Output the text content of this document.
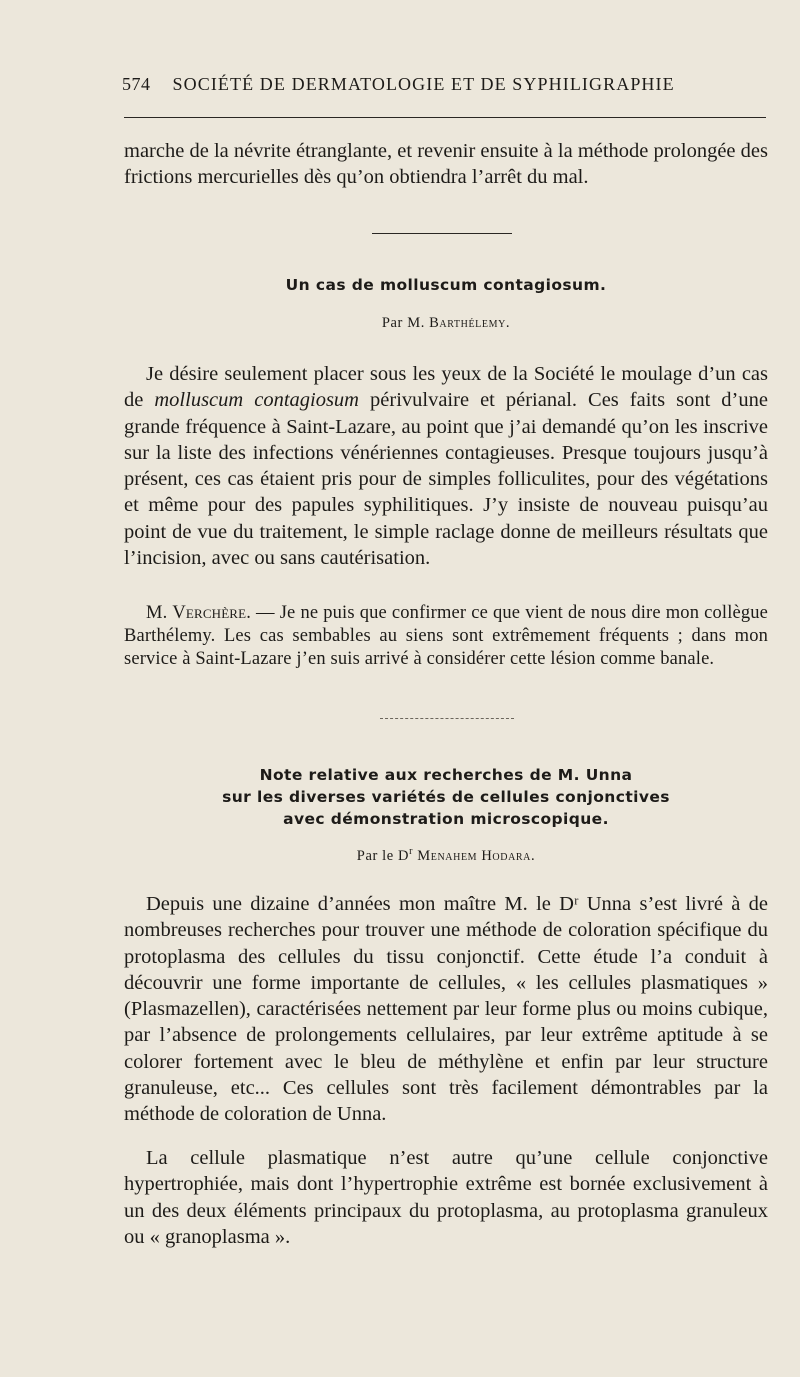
574 SOCIÉTÉ DE DERMATOLOGIE ET DE SYPHILIGRAPHIE

marche de la névrite étranglante, et revenir ensuite à la méthode prolongée des frictions mercurielles dès qu’on obtiendra l’arrêt du mal.

Un cas de molluscum contagiosum.
Par M. Barthélemy.

Je désire seulement placer sous les yeux de la Société le moulage d’un cas de molluscum contagiosum périvulvaire et périanal. Ces faits sont d’une grande fréquence à Saint-Lazare, au point que j’ai demandé qu’on les inscrive sur la liste des infections vénériennes contagieuses. Presque toujours jusqu’à présent, ces cas étaient pris pour de simples folliculites, pour des végétations et même pour des papules syphilitiques. J’y insiste de nouveau puisqu’au point de vue du traitement, le simple raclage donne de meilleurs résultats que l’incision, avec ou sans cautérisation.

M. Verchère. — Je ne puis que confirmer ce que vient de nous dire mon collègue Barthélemy. Les cas sembables au siens sont extrêmement fréquents ; dans mon service à Saint-Lazare j’en suis arrivé à considérer cette lésion comme banale.

Note relative aux recherches de M. Unna
sur les diverses variétés de cellules conjonctives
avec démonstration microscopique.
Par le $D^r$ Menahem Hodara.

Depuis une dizaine d’années mon maître M. le Dʳ Unna s’est livré à de nombreuses recherches pour trouver une méthode de coloration spécifique du protoplasma des cellules du tissu conjonctif. Cette étude l’a conduit à découvrir une forme importante de cellules, « les cellules plasmatiques » (Plasmazellen), caractérisées nettement par leur forme plus ou moins cubique, par l’absence de prolongements cellulaires, par leur extrême aptitude à se colorer fortement avec le bleu de méthylène et enfin par leur structure granuleuse, etc... Ces cellules sont très facilement démontrables par la méthode de coloration de Unna.

La cellule plasmatique n’est autre qu’une cellule conjonctive hypertrophiée, mais dont l’hypertrophie extrême est bornée exclusivement à un des deux éléments principaux du protoplasma, au protoplasma granuleux ou « granoplasma ».
